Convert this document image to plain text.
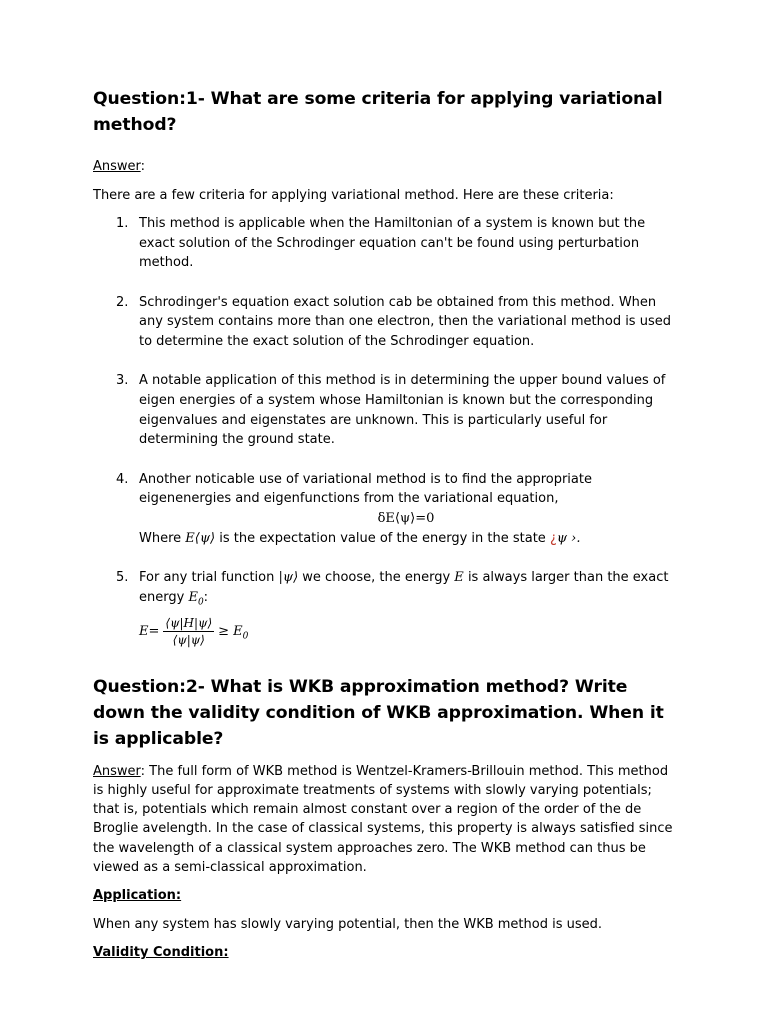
Question:1- What are some criteria for applying variational method?

Answer:

There are a few criteria for applying variational method. Here are these criteria:

1. This method is applicable when the Hamiltonian of a system is known but the exact solution of the Schrodinger equation can't be found using perturbation method.
2. Schrodinger's equation exact solution cab be obtained from this method. When any system contains more than one electron, then the variational method is used to determine the exact solution of the Schrodinger equation.
3. A notable application of this method is in determining the upper bound values of eigen energies of a system whose Hamiltonian is known but the corresponding eigenvalues and eigenstates are unknown. This is particularly useful for determining the ground state.
4. Another noticable use of variational method is to find the appropriate eigenenergies and eigenfunctions from the variational equation,
δE⟨ψ⟩=0
Where E⟨ψ⟩ is the expectation value of the energy in the state ¿ψ ›.
5. For any trial function |ψ⟩ we choose, the energy E is always larger than the exact energy $E_0$:
$E= \frac{⟨\psi|H|\psi⟩}{⟨\psi|\psi⟩} \ge E_0$
Question:2- What is WKB approximation method? Write down the validity condition of WKB approximation. When it is applicable?

Answer: The full form of WKB method is Wentzel-Kramers-Brillouin method. This method is highly useful for approximate treatments of systems with slowly varying potentials; that is, potentials which remain almost constant over a region of the order of the de Broglie avelength. In the case of classical systems, this property is always satisfied since the wavelength of a classical system approaches zero. The WKB method can thus be viewed as a semi-classical approximation.

Application:

When any system has slowly varying potential, then the WKB method is used.

Validity Condition:
